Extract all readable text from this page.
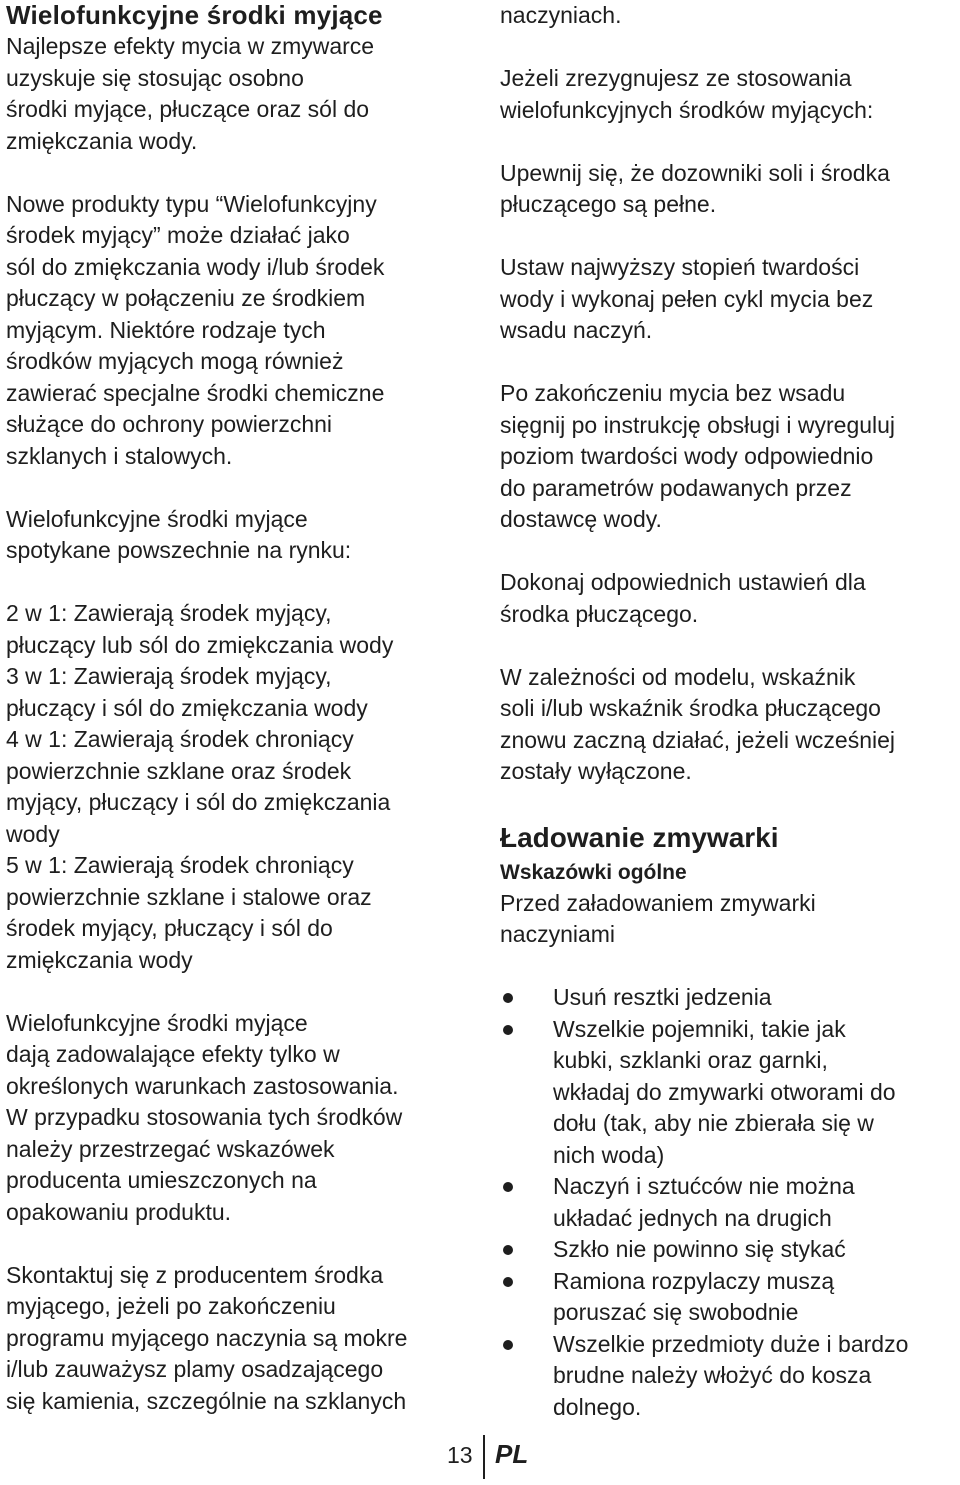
Wielofunkcyjne środki myjące

Najlepsze efekty mycia w zmywarce
uzyskuje się stosując osobno
środki myjące, płuczące oraz sól do
zmiękczania wody.

Nowe produkty typu “Wielofunkcyjny
środek myjący” może działać jako
sól do zmiękczania wody i/lub środek
płuczący w połączeniu ze środkiem
myjącym. Niektóre rodzaje tych
środków myjących mogą również
zawierać specjalne środki chemiczne
służące do ochrony powierzchni
szklanych i stalowych.

Wielofunkcyjne środki myjące
spotykane powszechnie na rynku:

2 w 1: Zawierają środek myjący,
płuczący lub sól do zmiękczania wody
3 w 1: Zawierają środek myjący,
płuczący i sól do zmiękczania wody
4 w 1: Zawierają środek chroniący
powierzchnie szklane oraz środek
myjący, płuczący i sól do zmiękczania
wody
5 w 1: Zawierają środek chroniący
powierzchnie szklane i stalowe oraz
środek myjący, płuczący i sól do
zmiękczania wody

Wielofunkcyjne środki myjące
dają zadowalające efekty tylko w
określonych warunkach zastosowania.
W przypadku stosowania tych środków
należy przestrzegać wskazówek
producenta umieszczonych na
opakowaniu produktu.

Skontaktuj się z producentem środka
myjącego, jeżeli po zakończeniu
programu myjącego naczynia są mokre
i/lub zauważysz plamy osadzającego
się kamienia, szczególnie na szklanych

naczyniach.

Jeżeli zrezygnujesz ze stosowania
wielofunkcyjnych środków myjących:

Upewnij się, że dozowniki soli i środka
płuczącego są pełne.

Ustaw najwyższy stopień twardości
wody i wykonaj pełen cykl mycia bez
wsadu naczyń.

Po zakończeniu mycia bez wsadu
sięgnij po instrukcję obsługi i wyreguluj
poziom twardości wody odpowiednio
do parametrów podawanych przez
dostawcę wody.

Dokonaj odpowiednich ustawień dla
środka płuczącego.

W zależności od modelu, wskaźnik
soli i/lub wskaźnik środka płuczącego
znowu zaczną działać, jeżeli wcześniej
zostały wyłączone.

Ładowanie zmywarki
Wskazówki ogólne

Przed załadowaniem zmywarki
naczyniami

Usuń resztki jedzenia
Wszelkie pojemniki, takie jak
kubki, szklanki oraz garnki,
wkładaj do zmywarki otworami do
dołu (tak, aby nie zbierała się w
nich woda)
Naczyń i sztućców nie można
układać jednych na drugich
Szkło nie powinno się stykać
Ramiona rozpylaczy muszą
poruszać się swobodnie
Wszelkie przedmioty duże i bardzo
brudne należy włożyć do kosza
dolnego.
13 PL
